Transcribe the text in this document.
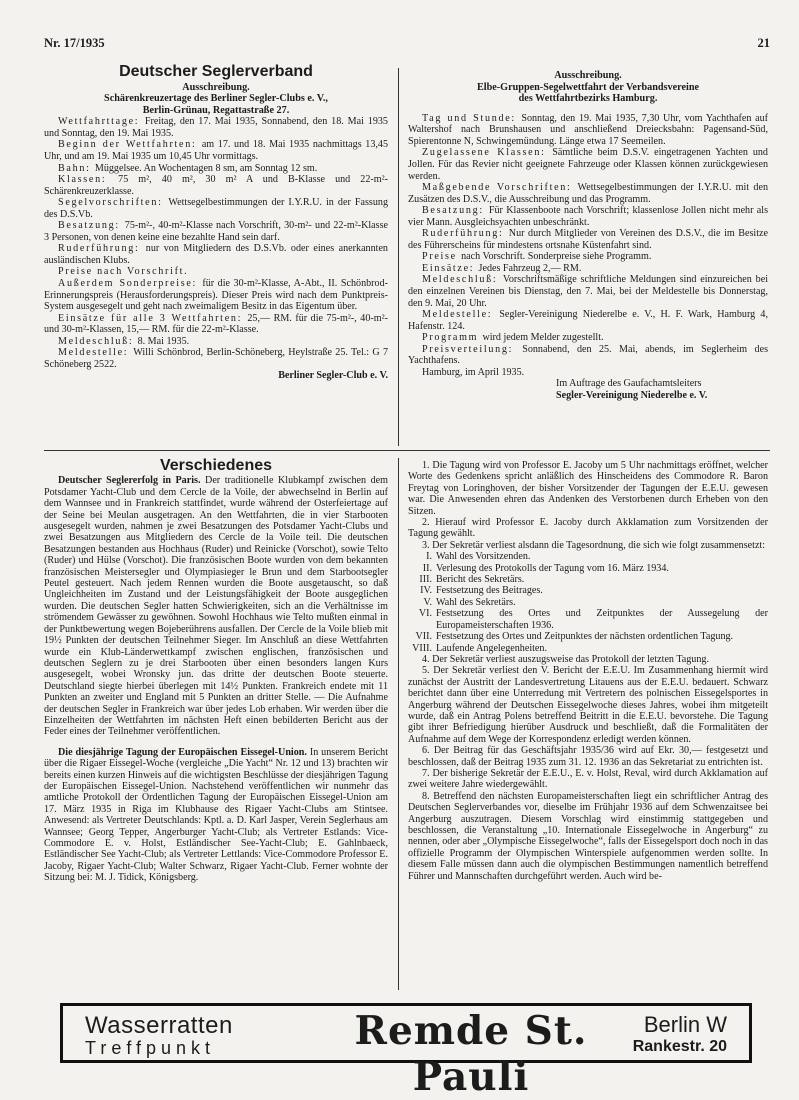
Nr. 17/1935	21
Deutscher Seglerverband
Ausschreibung.
Schärenkreuzertage des Berliner Segler-Clubs e. V.,
Berlin-Grünau, Regattastraße 27.

Wettfahrttage: Freitag, den 17. Mai 1935, Sonnabend, den 18. Mai 1935 und Sonntag, den 19. Mai 1935.

Beginn der Wettfahrten: am 17. und 18. Mai 1935 nachmittags 13,45 Uhr, und am 19. Mai 1935 um 10,45 Uhr vormittags.

Bahn: Müggelsee. An Wochentagen 8 sm, am Sonntag 12 sm.

Klassen: 75 m², 40 m², 30 m² A und B-Klasse und 22-m²-Schärenkreuzerklasse.

Segelvorschriften: Wettsegelbestimmungen der I.Y.R.U. in der Fassung des D.S.Vb.

Besatzung: 75-m²-, 40-m²-Klasse nach Vorschrift, 30-m²- und 22-m²-Klasse 3 Personen, von denen keine eine bezahlte Hand sein darf.

Ruderführung: nur von Mitgliedern des D.S.Vb. oder eines anerkannten ausländischen Klubs.

Preise nach Vorschrift.

Außerdem Sonderpreise: für die 30-m²-Klasse, A-Abt., II. Schönbrod-Erinnerungspreis (Herausforderungspreis). Dieser Preis wird nach dem Punktpreis-System ausgesegelt und geht nach zweimaligem Besitz in das Eigentum über.

Einsätze für alle 3 Wettfahrten: 25,— RM. für die 75-m²-, 40-m²- und 30-m²-Klassen, 15,— RM. für die 22-m²-Klasse.

Meldeschluß: 8. Mai 1935.

Meldestelle: Willi Schönbrod, Berlin-Schöneberg, Heylstraße 25. Tel.: G 7 Schöneberg 2522.

Berliner Segler-Club e. V.
Ausschreibung.
Elbe-Gruppen-Segelwettfahrt der Verbandsvereine
des Wettfahrtbezirks Hamburg.

Tag und Stunde: Sonntag, den 19. Mai 1935, 7,30 Uhr, vom Yachthafen auf Waltershof nach Brunshausen und anschließend Dreiecksbahn: Pagensand-Süd, Spierentonne N, Schwingemündung. Länge etwa 17 Seemeilen.

Zugelassene Klassen: Sämtliche beim D.S.V. eingetragenen Yachten und Jollen. Für das Revier nicht geeignete Fahrzeuge oder Klassen können zurückgewiesen werden.

Maßgebende Vorschriften: Wettsegelbestimmungen der I.Y.R.U. mit den Zusätzen des D.S.V., die Ausschreibung und das Programm.

Besatzung: Für Klassenboote nach Vorschrift; klassenlose Jollen nicht mehr als vier Mann. Ausgleichsyachten unbeschränkt.

Ruderführung: Nur durch Mitglieder von Vereinen des D.S.V., die im Besitze des Führerscheins für mindestens ortsnahe Küstenfahrt sind.

Preise nach Vorschrift. Sonderpreise siehe Programm.

Einsätze: Jedes Fahrzeug 2,— RM.

Meldeschluß: Vorschriftsmäßige schriftliche Meldungen sind einzureichen bei den einzelnen Vereinen bis Dienstag, den 7. Mai, bei der Meldestelle bis Donnerstag, den 9. Mai, 20 Uhr.

Meldestelle: Segler-Vereinigung Niederelbe e. V., H. F. Wark, Hamburg 4, Hafenstr. 124.

Programm wird jedem Melder zugestellt.

Preisverteilung: Sonnabend, den 25. Mai, abends, im Seglerheim des Yachthafens.

Hamburg, im April 1935.

Im Auftrage des Gaufachamtsleiters
Segler-Vereinigung Niederelbe e. V.
Verschiedenes

Deutscher Seglererfolg in Paris. Der traditionelle Klubkampf zwischen dem Potsdamer Yacht-Club und dem Cercle de la Voile, der abwechselnd in Berlin auf dem Wannsee und in Frankreich stattfindet, wurde während der Osterfeiertage auf der Seine bei Meulan ausgetragen. An den Wettfahrten, die in vier Starbooten ausgesegelt wurden, nahmen je zwei Besatzungen des Potsdamer Yacht-Clubs und zwei Besatzungen aus Mitgliedern des Cercle de la Voile teil. Die deutschen Besatzungen bestanden aus Hochhaus (Ruder) und Reinicke (Vorschot), sowie Telto (Ruder) und Hülse (Vorschot). Die französischen Boote wurden von dem bekannten französischen Meistersegler und Olympiasieger le Brun und dem Starbootsegler Peutel gesteuert. Nach jedem Rennen wurden die Boote ausgetauscht, so daß Ungleichheiten im Zustand und der Leistungsfähigkeit der Boote ausgeglichen wurden. Die deutschen Segler hatten Schwierigkeiten, sich an die Verhältnisse im strömendem Gewässer zu gewöhnen. Sowohl Hochhaus wie Telto mußten einmal in der Punktbewertung wegen Bojeberührens ausfallen. Der Cercle de la Voile blieb mit 19½ Punkten der deutschen Teilnehmer Sieger. Im Anschluß an diese Wettfahrten wurde ein Klub-Länderwettkampf zwischen englischen, französischen und deutschen Seglern zu je drei Starbooten über einen besonders langen Kurs ausgesegelt, wobei Wronsky jun. das dritte der deutschen Boote steuerte. Deutschland siegte hierbei überlegen mit 14½ Punkten. Frankreich endete mit 11 Punkten an zweiter und England mit 5 Punkten an dritter Stelle. — Die Aufnahme der deutschen Segler in Frankreich war über jedes Lob erhaben. Wir werden über die Einzelheiten der Wettfahrten im nächsten Heft einen bebilderten Bericht aus der Feder eines der Teilnehmer veröffentlichen.

Die diesjährige Tagung der Europäischen Eissegel-Union. In unserem Bericht über die Rigaer Eissegel-Woche (vergleiche „Die Yacht“ Nr. 12 und 13) brachten wir bereits einen kurzen Hinweis auf die wichtigsten Beschlüsse der diesjährigen Tagung der Europäischen Eissegel-Union. Nachstehend veröffentlichen wir nunmehr das amtliche Protokoll der Ordentlichen Tagung der Europäischen Eissegel-Union am 17. März 1935 in Riga im Klubhause des Rigaer Yacht-Clubs am Stintsee. Anwesend: als Vertreter Deutschlands: Kptl. a. D. Karl Jasper, Verein Seglerhaus am Wannsee; Georg Tepper, Angerburger Yacht-Club; als Vertreter Estlands: Vice-Commodore E. v. Holst, Estländischer See-Yacht-Club; E. Gahlnbaeck, Estländischer See Yacht-Club; als Vertreter Lettlands: Vice-Commodore Professor E. Jacoby, Rigaer Yacht-Club; Walter Schwarz, Rigaer Yacht-Club. Ferner wohnte der Sitzung bei: M. J. Tidick, Königsberg.

1. Die Tagung wird von Professor E. Jacoby um 5 Uhr nachmittags eröffnet, welcher Worte des Gedenkens spricht anläßlich des Hinscheidens des Commodore R. Baron Freytag von Loringhoven, der bisher Vorsitzender der Tagungen der E.E.U. gewesen war. Die Anwesenden ehren das Andenken des Verstorbenen durch Erheben von den Sitzen.

2. Hierauf wird Professor E. Jacoby durch Akklamation zum Vorsitzenden der Tagung gewählt.

3. Der Sekretär verliest alsdann die Tagesordnung, die sich wie folgt zusammensetzt:

I. Wahl des Vorsitzenden.
II. Verlesung des Protokolls der Tagung vom 16. März 1934.
III. Bericht des Sekretärs.
IV. Festsetzung des Beitrages.
V. Wahl des Sekretärs.
VI. Festsetzung des Ortes und Zeitpunktes der Aussegelung der Europameisterschaften 1936.
VII. Festsetzung des Ortes und Zeitpunktes der nächsten ordentlichen Tagung.
VIII. Laufende Angelegenheiten.

4. Der Sekretär verliest auszugsweise das Protokoll der letzten Tagung.

5. Der Sekretär verliest den V. Bericht der E.E.U. Im Zusammenhang hiermit wird zunächst der Austritt der Landesvertretung Litauens aus der E.E.U. bedauert. Schwarz berichtet dann über eine Unterredung mit Vertretern des polnischen Eissegelsportes in Angerburg während der Deutschen Eissegelwoche dieses Jahres, wobei ihm mitgeteilt wurde, daß ein Antrag Polens betreffend Beitritt in die E.E.U. bevorstehe. Die Tagung gibt ihrer Befriedigung hierüber Ausdruck und beschließt, daß die Formalitäten der Aufnahme auf dem Wege der Korrespondenz erledigt werden können.

6. Der Beitrag für das Geschäftsjahr 1935/36 wird auf Ekr. 30,— festgesetzt und beschlossen, daß der Beitrag 1935 zum 31. 12. 1936 an das Sekretariat zu entrichten ist.

7. Der bisherige Sekretär der E.E.U., E. v. Holst, Reval, wird durch Akklamation auf zwei weitere Jahre wiedergewählt.

8. Betreffend den nächsten Europameisterschaften liegt ein schriftlicher Antrag des Deutschen Seglerverbandes vor, dieselbe im Frühjahr 1936 auf dem Schwenzaitsee bei Angerburg auszutragen. Diesem Vorschlag wird einstimmig stattgegeben und beschlossen, die Veranstaltung „10. Internationale Eissegelwoche in Angerburg“ zu nennen, oder aber „Olympische Eissegelwoche“, falls der Eissegelsport doch noch in das offizielle Programm der Olympischen Winterspiele aufgenommen werden sollte. In diesem Falle müssen dann auch die olympischen Bestimmungen namentlich betreffend Führer und Mannschaften durchgeführt werden. Auch wird be-

Wasserratten
Treffpunkt	Remde St. Pauli
Berlin W
Rankestr. 20
